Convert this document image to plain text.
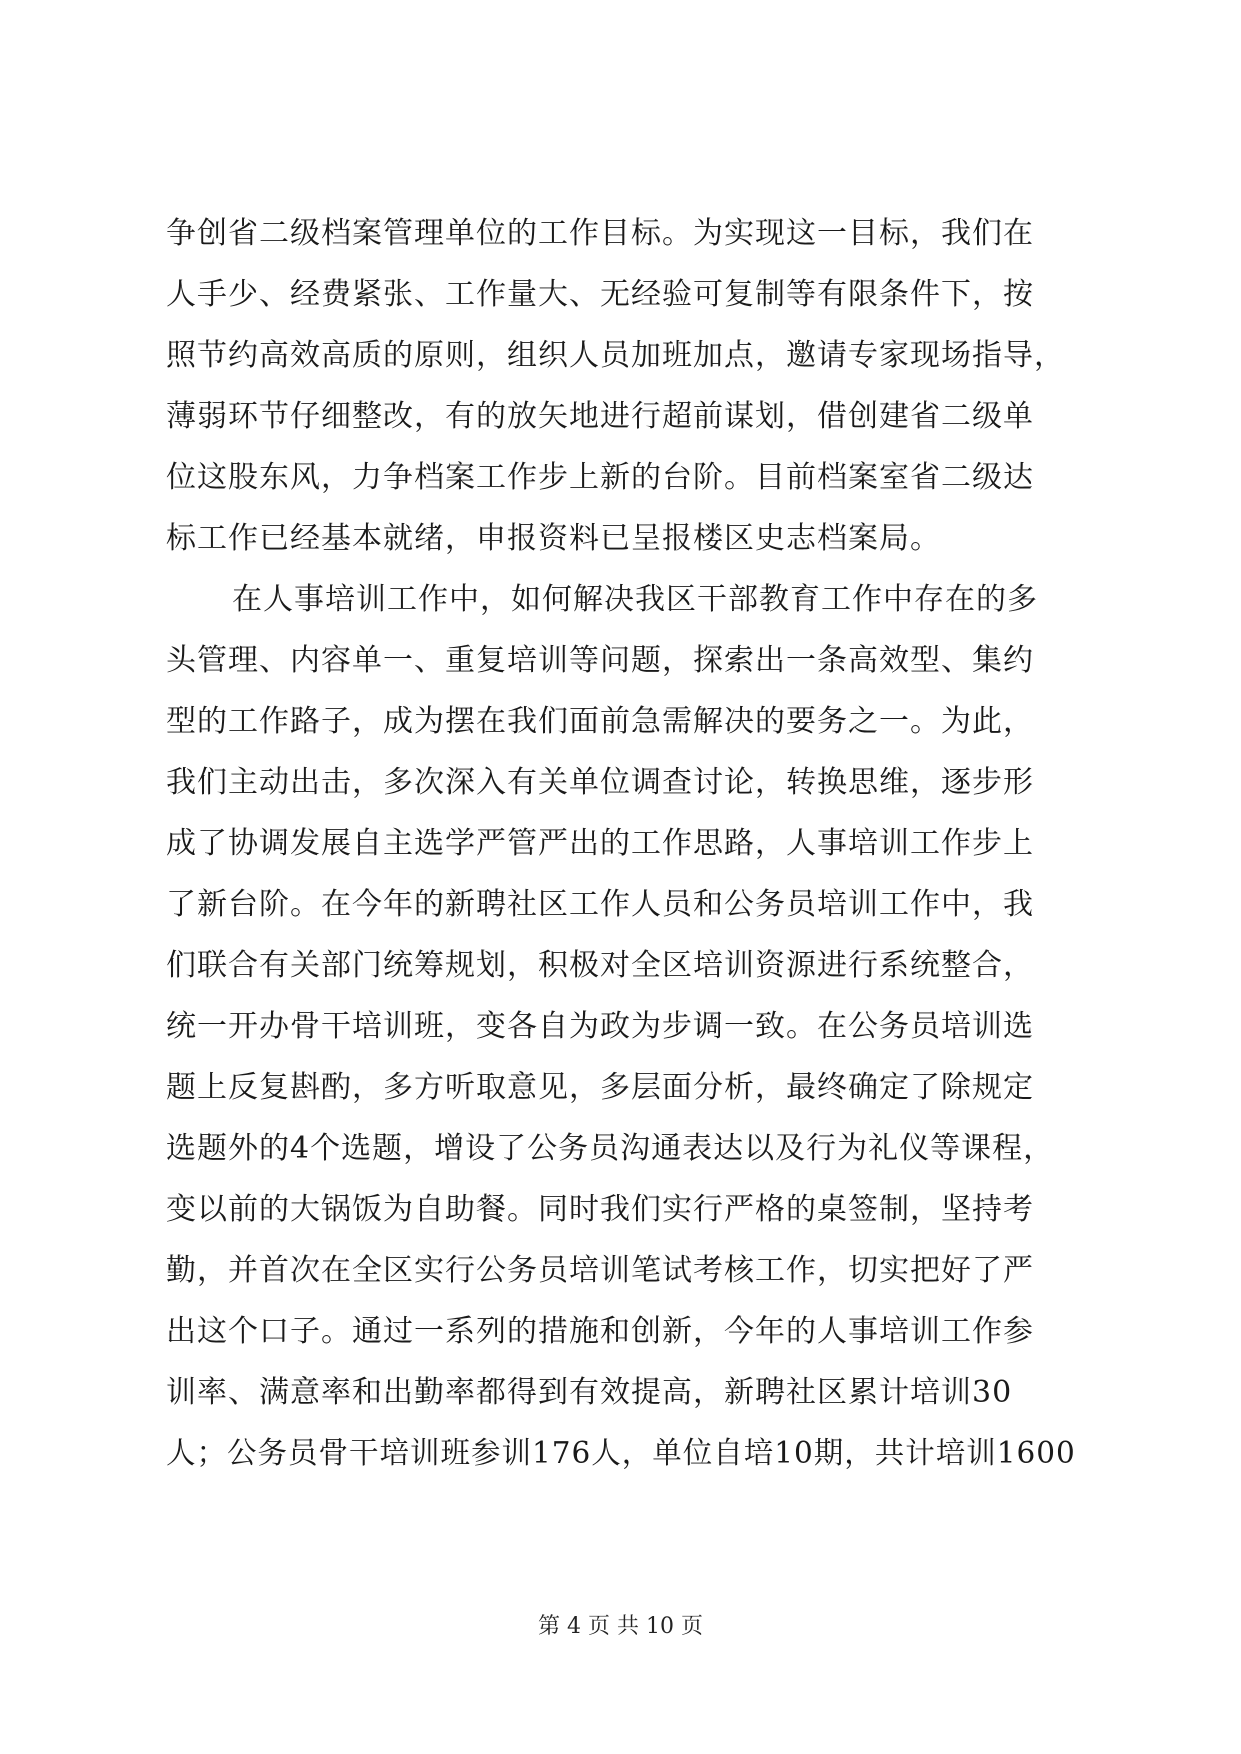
争创省二级档案管理单位的工作目标。为实现这一目标，我们在
人手少、经费紧张、工作量大、无经验可复制等有限条件下，按
照节约高效高质的原则，组织人员加班加点，邀请专家现场指导，
薄弱环节仔细整改，有的放矢地进行超前谋划，借创建省二级单
位这股东风，力争档案工作步上新的台阶。目前档案室省二级达
标工作已经基本就绪，申报资料已呈报楼区史志档案局。
在人事培训工作中，如何解决我区干部教育工作中存在的多
头管理、内容单一、重复培训等问题，探索出一条高效型、集约
型的工作路子，成为摆在我们面前急需解决的要务之一。为此，
我们主动出击，多次深入有关单位调查讨论，转换思维，逐步形
成了协调发展自主选学严管严出的工作思路，人事培训工作步上
了新台阶。在今年的新聘社区工作人员和公务员培训工作中，我
们联合有关部门统筹规划，积极对全区培训资源进行系统整合，
统一开办骨干培训班，变各自为政为步调一致。在公务员培训选
题上反复斟酌，多方听取意见，多层面分析，最终确定了除规定
选题外的4个选题，增设了公务员沟通表达以及行为礼仪等课程，
变以前的大锅饭为自助餐。同时我们实行严格的桌签制，坚持考
勤，并首次在全区实行公务员培训笔试考核工作，切实把好了严
出这个口子。通过一系列的措施和创新，今年的人事培训工作参
训率、满意率和出勤率都得到有效提高，新聘社区累计培训30
人；公务员骨干培训班参训176人，单位自培10期，共计培训1600
第 4 页 共 10 页
